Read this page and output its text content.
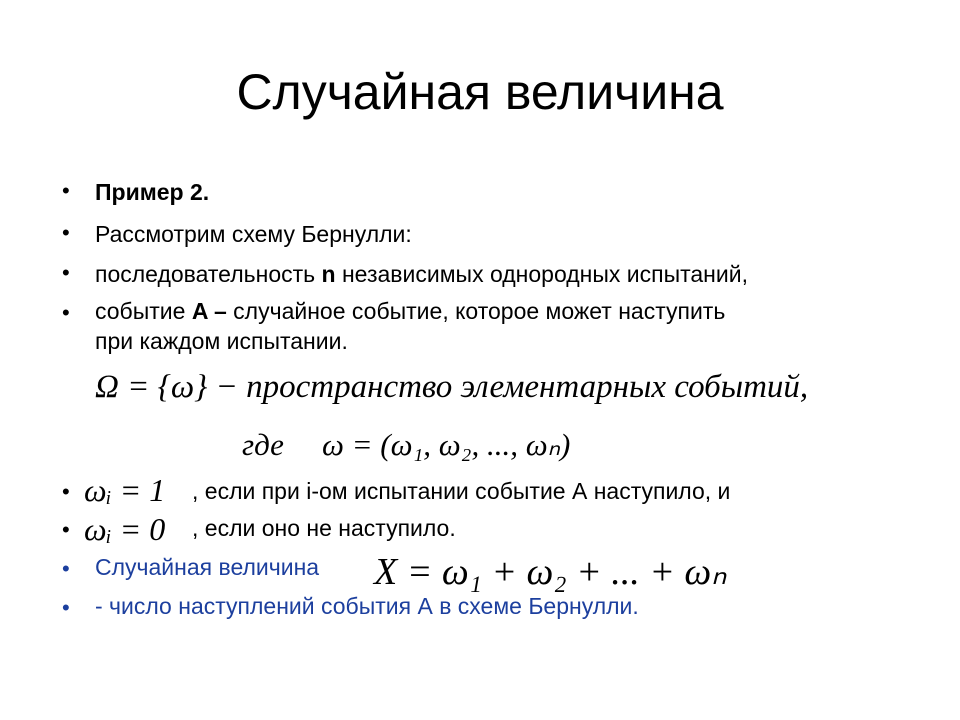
Случайная величина
• Пример 2.
• Рассмотрим схему Бернулли:
• последовательность n независимых однородных испытаний,
• событие A – случайное событие, которое может наступить
при каждом испытании.
Ω = {ω} − пространство элементарных событий,
где ω = (ω₁, ω₂, ..., ωₙ)
• ωᵢ = 1 , если при i-ом испытании событие А наступило, и
• ωᵢ = 0 , если оно не наступило.
• Случайная величина X = ω₁ + ω₂ + ... + ωₙ
• - число наступлений события А в схеме Бернулли.
